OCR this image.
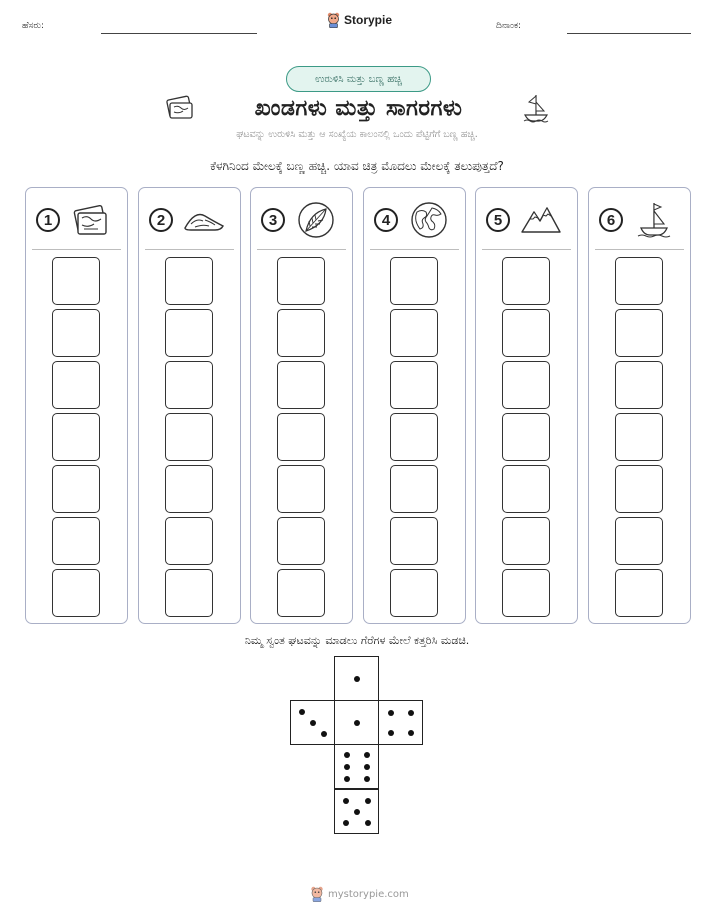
ಹೆಸರು:	Storypie	ದಿನಾಂಕ:
ಉರುಳಿಸಿ ಮತ್ತು ಬಣ್ಣ ಹಚ್ಚಿ
ಖಂಡಗಳು ಮತ್ತು ಸಾಗರಗಳು
ಘಟವನ್ನು ಉರುಳಿಸಿ ಮತ್ತು ಆ ಸಂಖ್ಯೆಯ ಕಾಲಂನಲ್ಲಿ ಒಂದು ಪೆಟ್ಟಿಗೆಗೆ ಬಣ್ಣ ಹಚ್ಚಿ.
ಕೆಳಗಿನಿಂದ ಮೇಲಕ್ಕೆ ಬಣ್ಣ ಹಚ್ಚಿ. ಯಾವ ಚಿತ್ರ ಮೊದಲು ಮೇಲಕ್ಕೆ ತಲುಪುತ್ತದೆ?
1	2	3	4	5	6
ನಿಮ್ಮ ಸ್ವಂತ ಘಟವನ್ನು ಮಾಡಲು ಗೆರೆಗಳ ಮೇಲೆ ಕತ್ತರಿಸಿ ಮಡಚಿ.
mystorypie.com
